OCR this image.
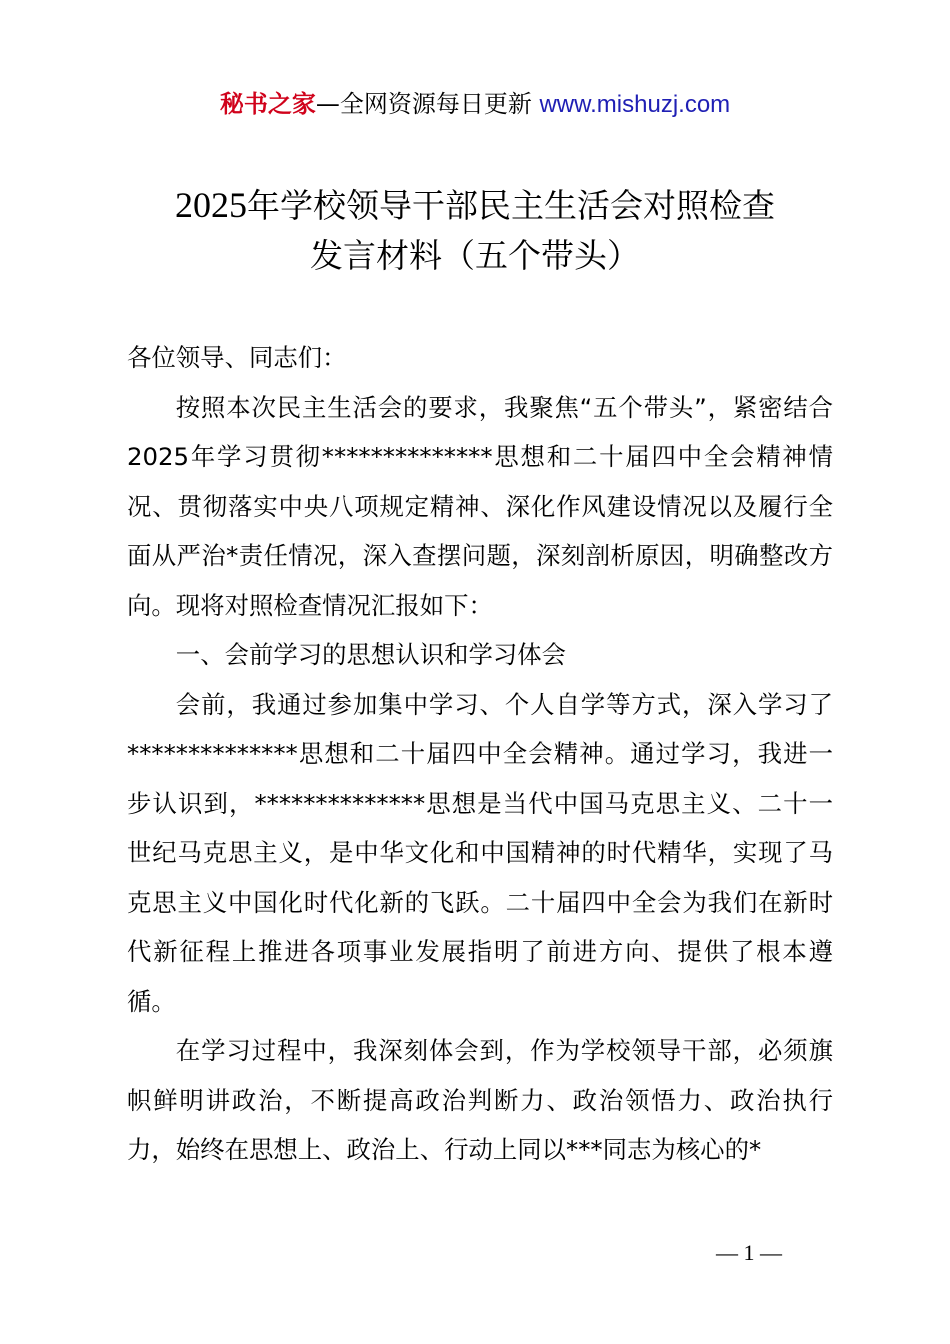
秘书之家—全网资源每日更新 www.mishuzj.com
2025年学校领导干部民主生活会对照检查
发言材料（五个带头）

各位领导、同志们：

按照本次民主生活会的要求，我聚焦“五个带头”，紧密结合2025年学习贯彻**************思想和二十届四中全会精神情况、贯彻落实中央八项规定精神、深化作风建设情况以及履行全面从严治*责任情况，深入查摆问题，深刻剖析原因，明确整改方向。现将对照检查情况汇报如下：

一、会前学习的思想认识和学习体会

会前，我通过参加集中学习、个人自学等方式，深入学习了**************思想和二十届四中全会精神。通过学习，我进一步认识到，**************思想是当代中国马克思主义、二十一世纪马克思主义，是中华文化和中国精神的时代精华，实现了马克思主义中国化时代化新的飞跃。二十届四中全会为我们在新时代新征程上推进各项事业发展指明了前进方向、提供了根本遵循。

在学习过程中，我深刻体会到，作为学校领导干部，必须旗帜鲜明讲政治，不断提高政治判断力、政治领悟力、政治执行力，始终在思想上、政治上、行动上同以***同志为核心的*

— 1 —
